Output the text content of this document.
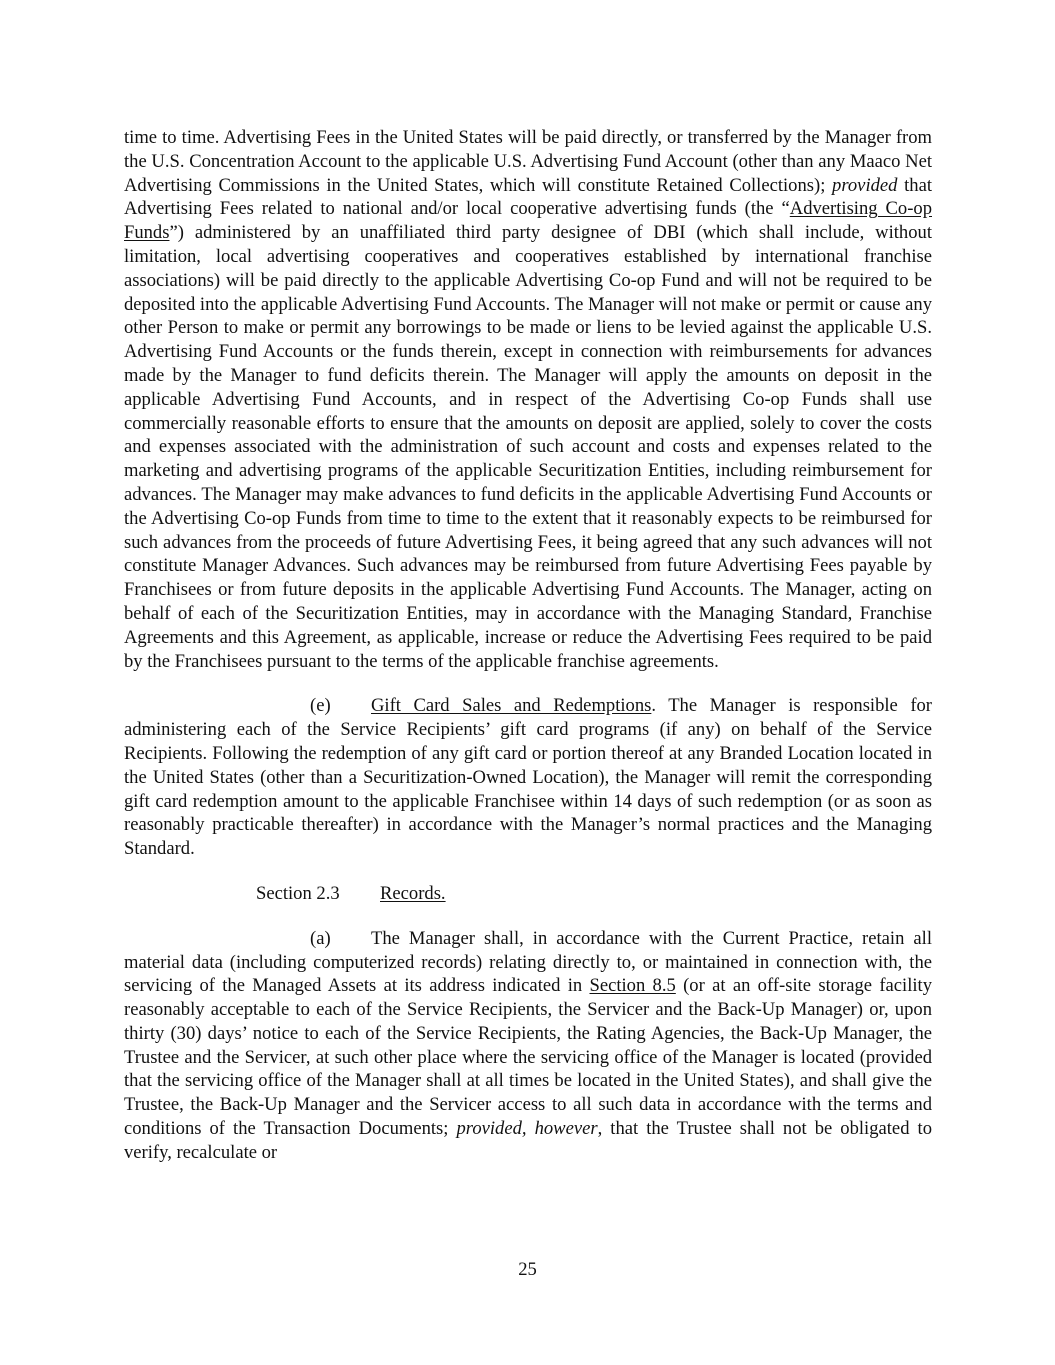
time to time. Advertising Fees in the United States will be paid directly, or transferred by the Manager from the U.S. Concentration Account to the applicable U.S. Advertising Fund Account (other than any Maaco Net Advertising Commissions in the United States, which will constitute Retained Collections); provided that Advertising Fees related to national and/or local cooperative advertising funds (the “Advertising Co-op Funds”) administered by an unaffiliated third party designee of DBI (which shall include, without limitation, local advertising cooperatives and cooperatives established by international franchise associations) will be paid directly to the applicable Advertising Co-op Fund and will not be required to be deposited into the applicable Advertising Fund Accounts. The Manager will not make or permit or cause any other Person to make or permit any borrowings to be made or liens to be levied against the applicable U.S. Advertising Fund Accounts or the funds therein, except in connection with reimbursements for advances made by the Manager to fund deficits therein. The Manager will apply the amounts on deposit in the applicable Advertising Fund Accounts, and in respect of the Advertising Co-op Funds shall use commercially reasonable efforts to ensure that the amounts on deposit are applied, solely to cover the costs and expenses associated with the administration of such account and costs and expenses related to the marketing and advertising programs of the applicable Securitization Entities, including reimbursement for advances. The Manager may make advances to fund deficits in the applicable Advertising Fund Accounts or the Advertising Co-op Funds from time to time to the extent that it reasonably expects to be reimbursed for such advances from the proceeds of future Advertising Fees, it being agreed that any such advances will not constitute Manager Advances. Such advances may be reimbursed from future Advertising Fees payable by Franchisees or from future deposits in the applicable Advertising Fund Accounts. The Manager, acting on behalf of each of the Securitization Entities, may in accordance with the Managing Standard, Franchise Agreements and this Agreement, as applicable, increase or reduce the Advertising Fees required to be paid by the Franchisees pursuant to the terms of the applicable franchise agreements.

(e) Gift Card Sales and Redemptions. The Manager is responsible for administering each of the Service Recipients’ gift card programs (if any) on behalf of the Service Recipients. Following the redemption of any gift card or portion thereof at any Branded Location located in the United States (other than a Securitization-Owned Location), the Manager will remit the corresponding gift card redemption amount to the applicable Franchisee within 14 days of such redemption (or as soon as reasonably practicable thereafter) in accordance with the Manager’s normal practices and the Managing Standard.

Section 2.3 Records.

(a) The Manager shall, in accordance with the Current Practice, retain all material data (including computerized records) relating directly to, or maintained in connection with, the servicing of the Managed Assets at its address indicated in Section 8.5 (or at an off-site storage facility reasonably acceptable to each of the Service Recipients, the Servicer and the Back-Up Manager) or, upon thirty (30) days’ notice to each of the Service Recipients, the Rating Agencies, the Back-Up Manager, the Trustee and the Servicer, at such other place where the servicing office of the Manager is located (provided that the servicing office of the Manager shall at all times be located in the United States), and shall give the Trustee, the Back-Up Manager and the Servicer access to all such data in accordance with the terms and conditions of the Transaction Documents; provided, however, that the Trustee shall not be obligated to verify, recalculate or

25
